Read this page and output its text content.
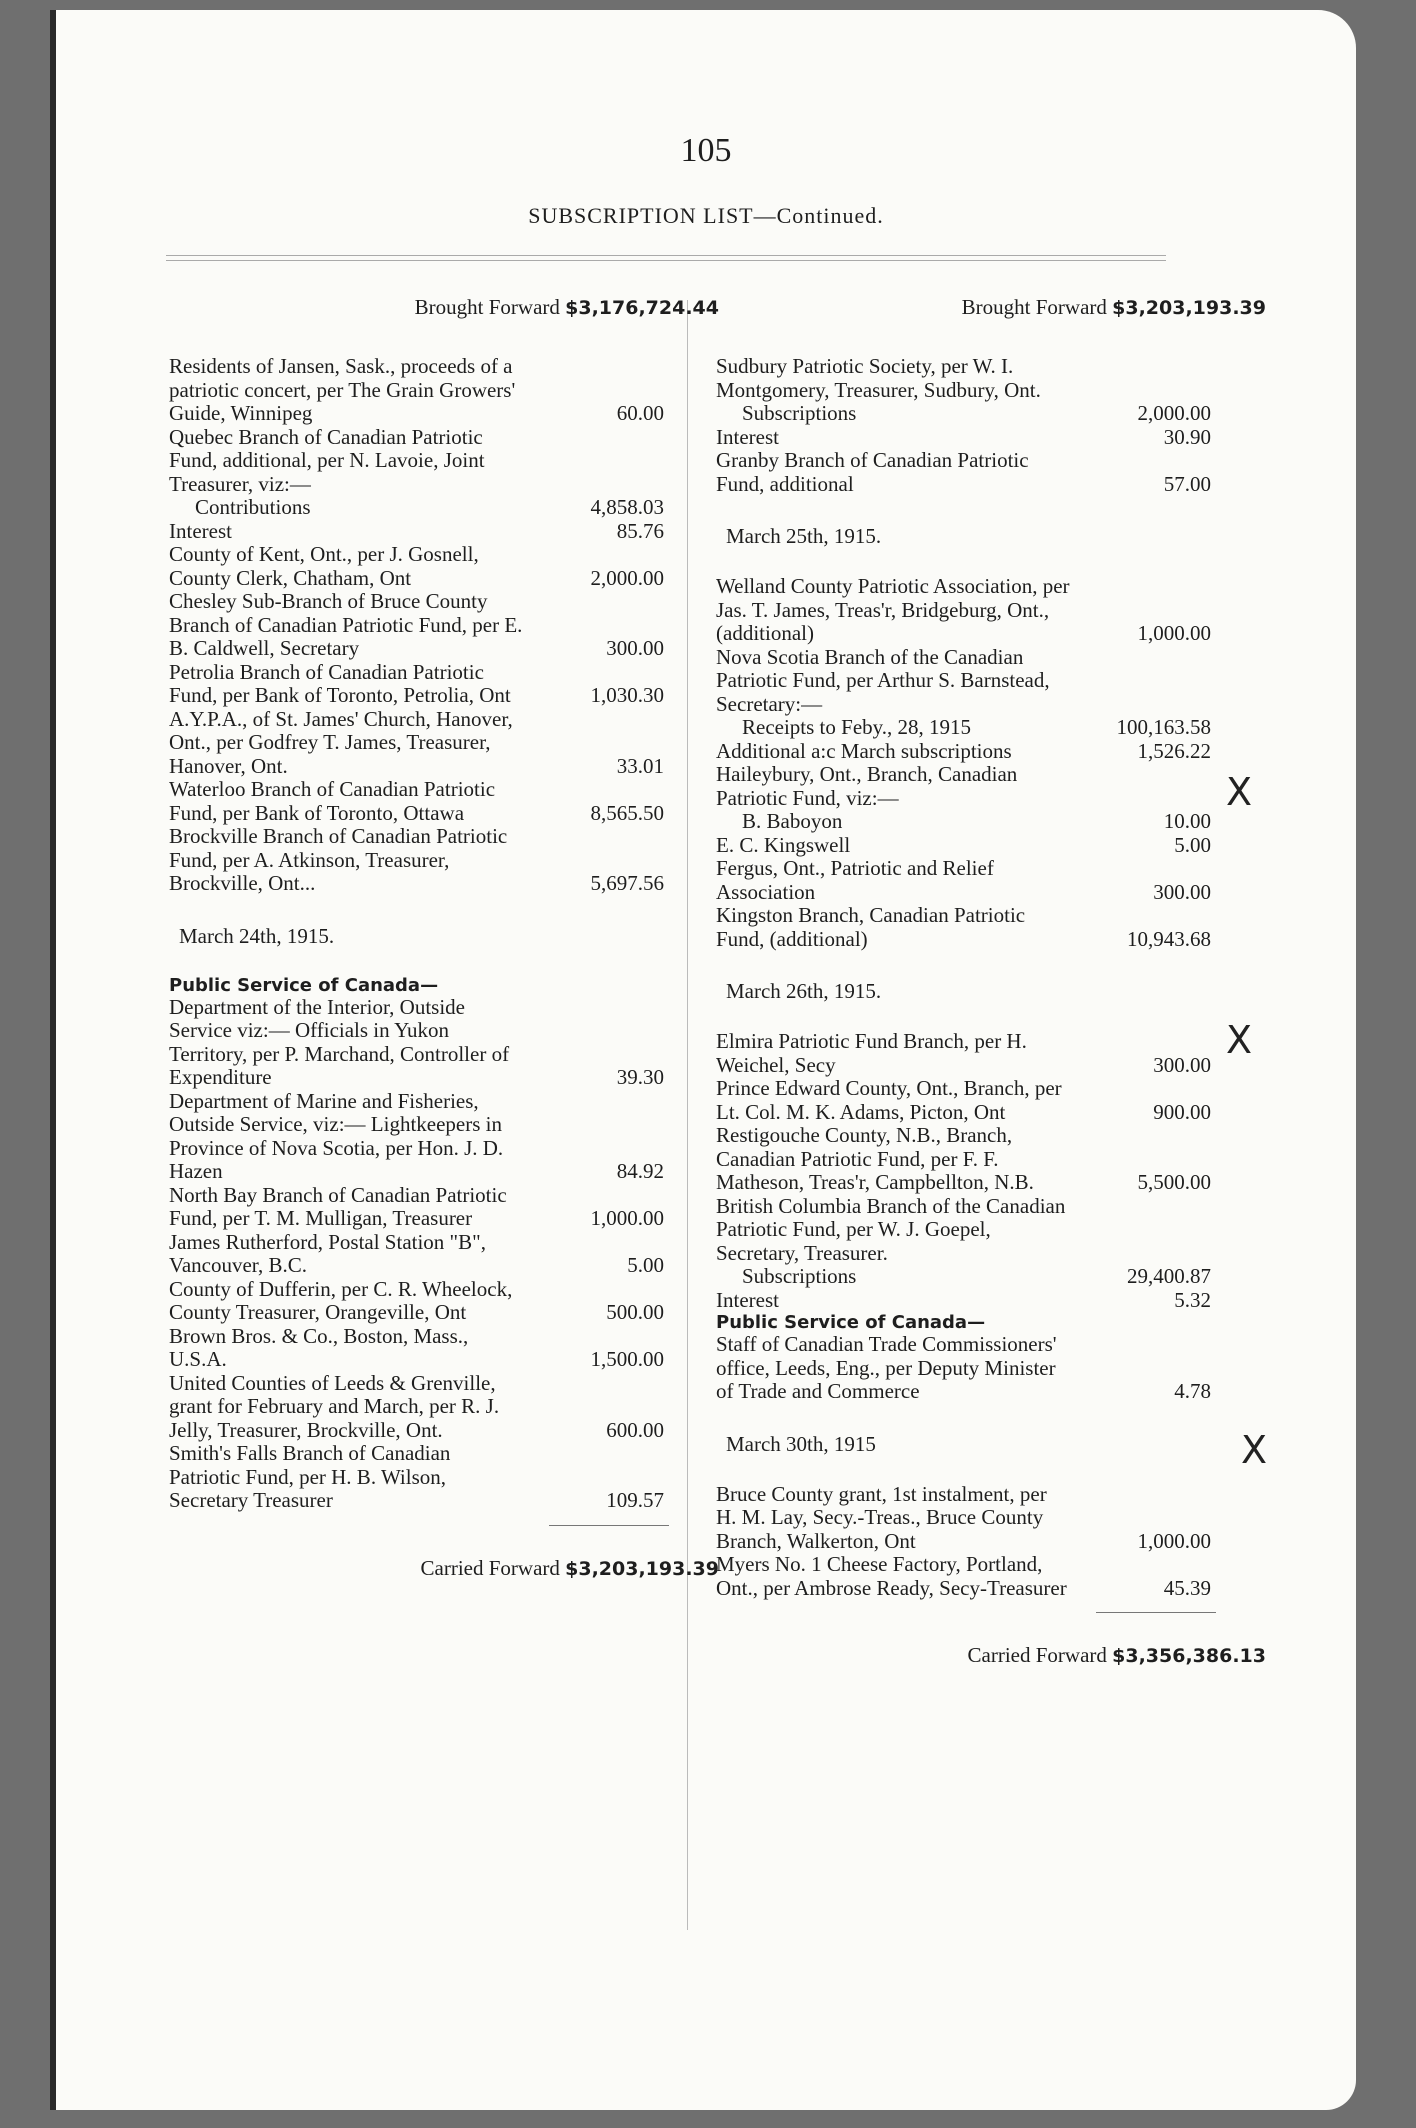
105
SUBSCRIPTION LIST—Continued.
Brought Forward $3,176,724.44
Residents of Jansen, Sask., proceeds of a patriotic concert, per The Grain Growers' Guide, Winnipeg	60.00
Quebec Branch of Canadian Patriotic Fund, additional, per N. Lavoie, Joint Treasurer, viz:—
Contributions	4,858.03
Interest	85.76
County of Kent, Ont., per J. Gosnell, County Clerk, Chatham, Ont	2,000.00
Chesley Sub-Branch of Bruce County Branch of Canadian Patriotic Fund, per E. B. Caldwell, Secretary	300.00
Petrolia Branch of Canadian Patriotic Fund, per Bank of Toronto, Petrolia, Ont	1,030.30
A.Y.P.A., of St. James' Church, Hanover, Ont., per Godfrey T. James, Treasurer, Hanover, Ont.	33.01
Waterloo Branch of Canadian Patriotic Fund, per Bank of Toronto, Ottawa	8,565.50
Brockville Branch of Canadian Patriotic Fund, per A. Atkinson, Treasurer, Brockville, Ont...	5,697.56
March 24th, 1915.
Public Service of Canada—
Department of the Interior, Outside Service viz:— Officials in Yukon Territory, per P. Marchand, Controller of Expenditure	39.30
Department of Marine and Fisheries, Outside Service, viz:— Lightkeepers in Province of Nova Scotia, per Hon. J. D. Hazen	84.92
North Bay Branch of Canadian Patriotic Fund, per T. M. Mulligan, Treasurer	1,000.00
James Rutherford, Postal Station "B", Vancouver, B.C.	5.00
County of Dufferin, per C. R. Wheelock, County Treasurer, Orangeville, Ont	500.00
Brown Bros. & Co., Boston, Mass., U.S.A.	1,500.00
United Counties of Leeds & Grenville, grant for February and March, per R. J. Jelly, Treasurer, Brockville, Ont.	600.00
Smith's Falls Branch of Canadian Patriotic Fund, per H. B. Wilson, Secretary Treasurer	109.57
Carried Forward $3,203,193.39
Brought Forward $3,203,193.39
Sudbury Patriotic Society, per W. I. Montgomery, Treasurer, Sudbury, Ont.
Subscriptions	2,000.00
Interest	30.90
Granby Branch of Canadian Patriotic Fund, additional	57.00
March 25th, 1915.
Welland County Patriotic Association, per Jas. T. James, Treas'r, Bridgeburg, Ont., (additional)	1,000.00
Nova Scotia Branch of the Canadian Patriotic Fund, per Arthur S. Barnstead, Secretary:—
Receipts to Feby., 28, 1915	100,163.58
Additional a:c March subscriptions	1,526.22
Haileybury, Ont., Branch, Canadian Patriotic Fund, viz:—
B. Baboyon	10.00
E. C. Kingswell	5.00
Fergus, Ont., Patriotic and Relief Association	300.00
Kingston Branch, Canadian Patriotic Fund, (additional)	10,943.68
March 26th, 1915.
Elmira Patriotic Fund Branch, per H. Weichel, Secy	300.00
Prince Edward County, Ont., Branch, per Lt. Col. M. K. Adams, Picton, Ont	900.00
Restigouche County, N.B., Branch, Canadian Patriotic Fund, per F. F. Matheson, Treas'r, Campbellton, N.B.	5,500.00
British Columbia Branch of the Canadian Patriotic Fund, per W. J. Goepel, Secretary, Treasurer.
Subscriptions	29,400.87
Interest	5.32
Public Service of Canada—
Staff of Canadian Trade Commissioners' office, Leeds, Eng., per Deputy Minister of Trade and Commerce	4.78
March 30th, 1915
Bruce County grant, 1st instalment, per H. M. Lay, Secy.-Treas., Bruce County Branch, Walkerton, Ont	1,000.00
Myers No. 1 Cheese Factory, Portland, Ont., per Ambrose Ready, Secy-Treasurer	45.39
Carried Forward $3,356,386.13
X
X
X
